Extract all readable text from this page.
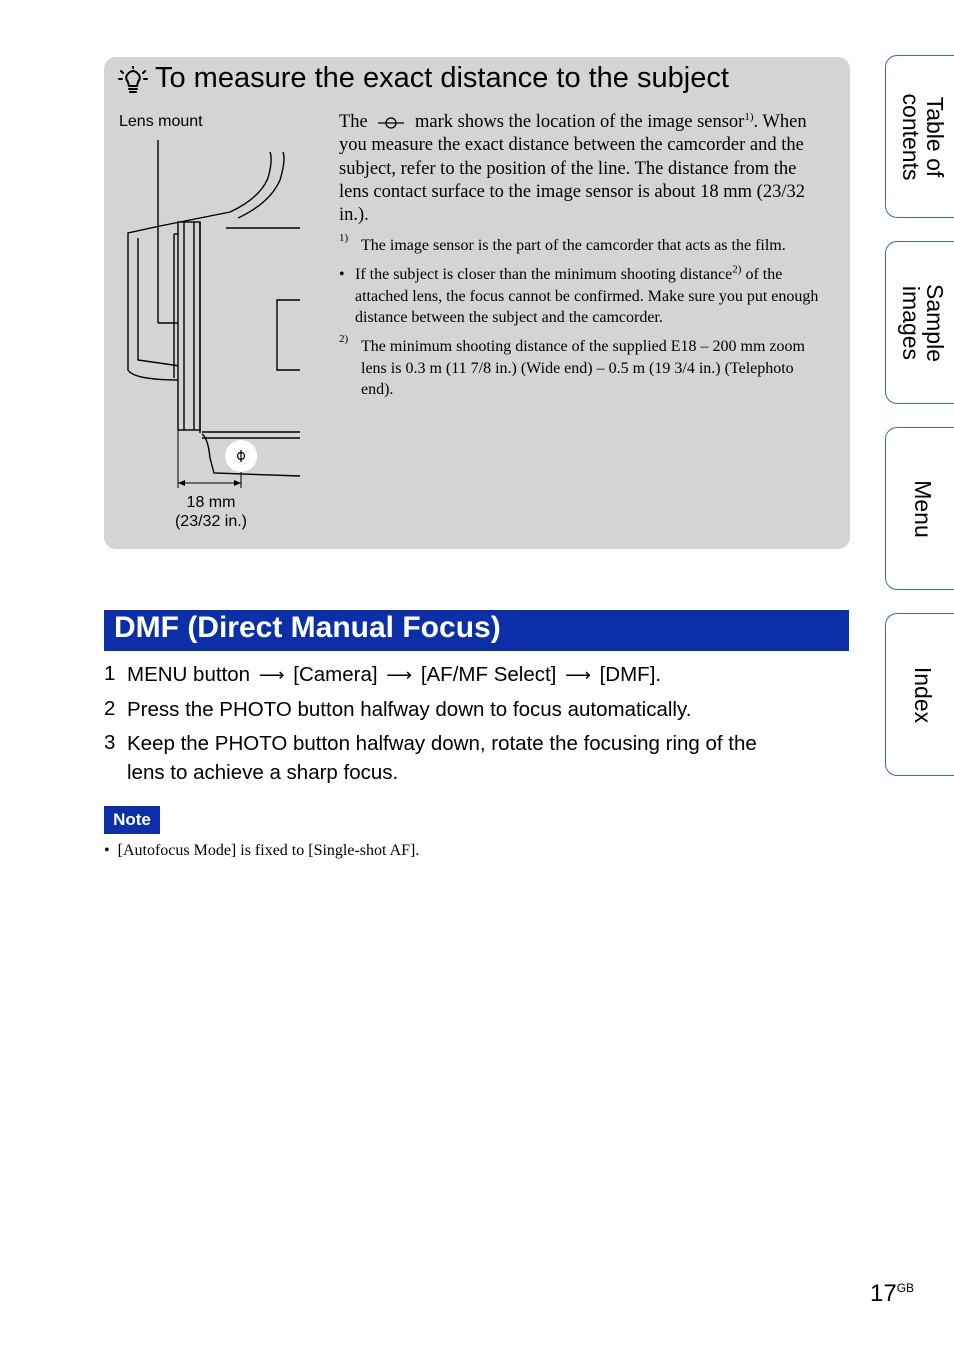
To measure the exact distance to the subject
Lens mount
18 mm
(23/32 in.)
The	mark shows the location of the image sensor$^{1)}$. When you measure the exact distance between the camcorder and the subject, refer to the position of the line. The distance from the lens contact surface to the image sensor is about 18 mm (23/32 in.).
1) The image sensor is the part of the camcorder that acts as the film.
• If the subject is closer than the minimum shooting distance$^{2)}$ of the attached lens, the focus cannot be confirmed. Make sure you put enough distance between the subject and the camcorder.
2) The minimum shooting distance of the supplied E18 – 200 mm zoom lens is 0.3 m (11 7/8 in.) (Wide end) – 0.5 m (19 3/4 in.) (Telephoto end).
DMF (Direct Manual Focus)
1 MENU button ⟶ [Camera] ⟶ [AF/MF Select] ⟶ [DMF].
2 Press the PHOTO button halfway down to focus automatically.
3 Keep the PHOTO button halfway down, rotate the focusing ring of the
lens to achieve a sharp focus.
Note
• [Autofocus Mode] is fixed to [Single-shot AF].
Table of
contents
Sample
images
Menu
Index
$17^{GB}$
